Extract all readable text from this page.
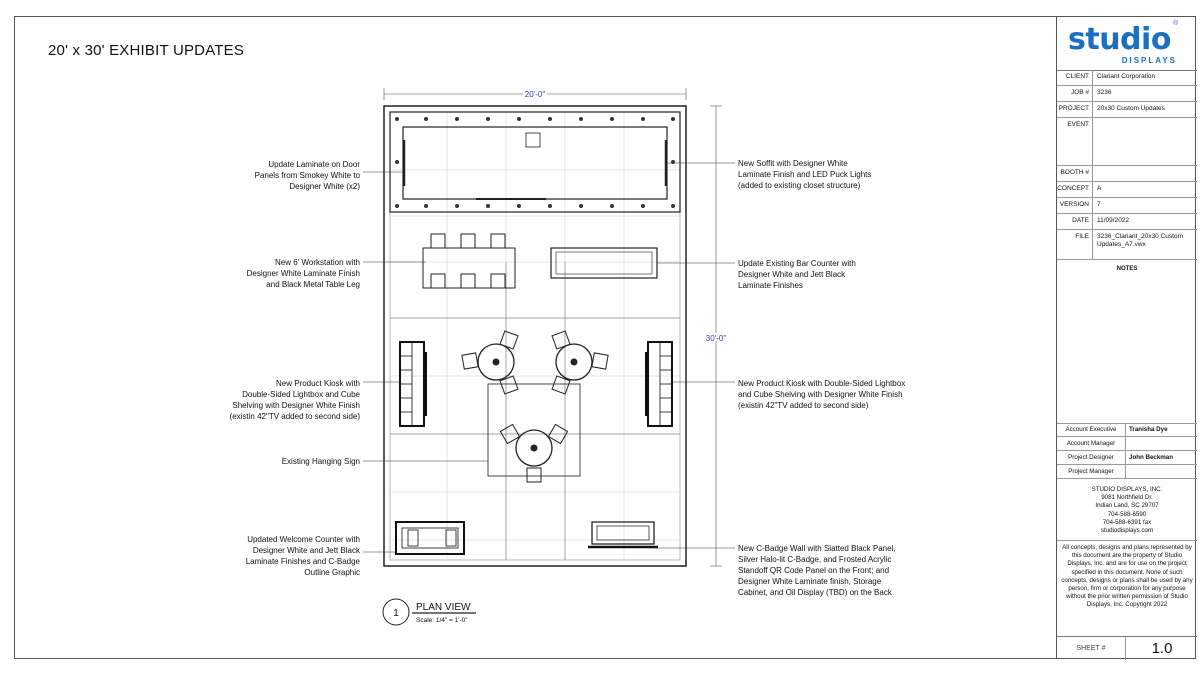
20' x 30' EXHIBIT UPDATES
20'-0"
30'-0"
1
PLAN VIEW
Scale: 1/4" = 1'-0"
Update Laminate on Door
Panels from Smokey White to
Designer White (x2)
New 6' Workstation with
Designer White Laminate Finish
and Black Metal Table Leg
New Product Kiosk with
Double-Sided Lightbox and Cube
Shelving with Designer White Finish
(existin 42"TV added to second side)
Existing Hanging Sign
Updated Welcome Counter with
Designer White and Jett Black
Laminate Finishes and C-Badge
Outline Graphic
New Soffit with Designer White
Laminate Finish and LED Puck Lights
(added to existing closet structure)
Update Existing Bar Counter with
Designer White and Jett Black
Laminate Finishes
New Product Kiosk with Double-Sided Lightbox
and Cube Shelving with Designer White Finish
(existin 42"TV added to second side)
New C-Badge Wall with Slatted Black Panel,
Silver Halo-lit C-Badge, and Frosted Acrylic
Standoff QR Code Panel on the Front; and
Designer White Laminate finish, Storage
Cabinet, and Oil Display (TBD) on the Back
studio ®
DISPLAYS
CLIENT Clariant Corporation
JOB # 3236
PROJECT 20x30 Custom Updates
EVENT
BOOTH #
CONCEPT A
VERSION 7
DATE 11/09/2022
FILE 3236_Clariant_20x30 Custom Updates_A7.vwx
NOTES
Account Executive	Tranisha Dye
Account Manager
Project Designer	John Beckman
Project Manager
STUDIO DISPLAYS, INC.
9081 Northfield Dr.
Indian Land, SC 29707
704-588-6590
704-588-6391 fax
studiodisplays.com
All concepts, designs and plans represented by this document are the property of Studio Displays, Inc. and are for use on the project specified in this document. None of such concepts, designs or plans shall be used by any person, firm or corporation for any purpose without the prior written permission of Studio Displays, Inc. Copyright 2022
SHEET #	1.0
